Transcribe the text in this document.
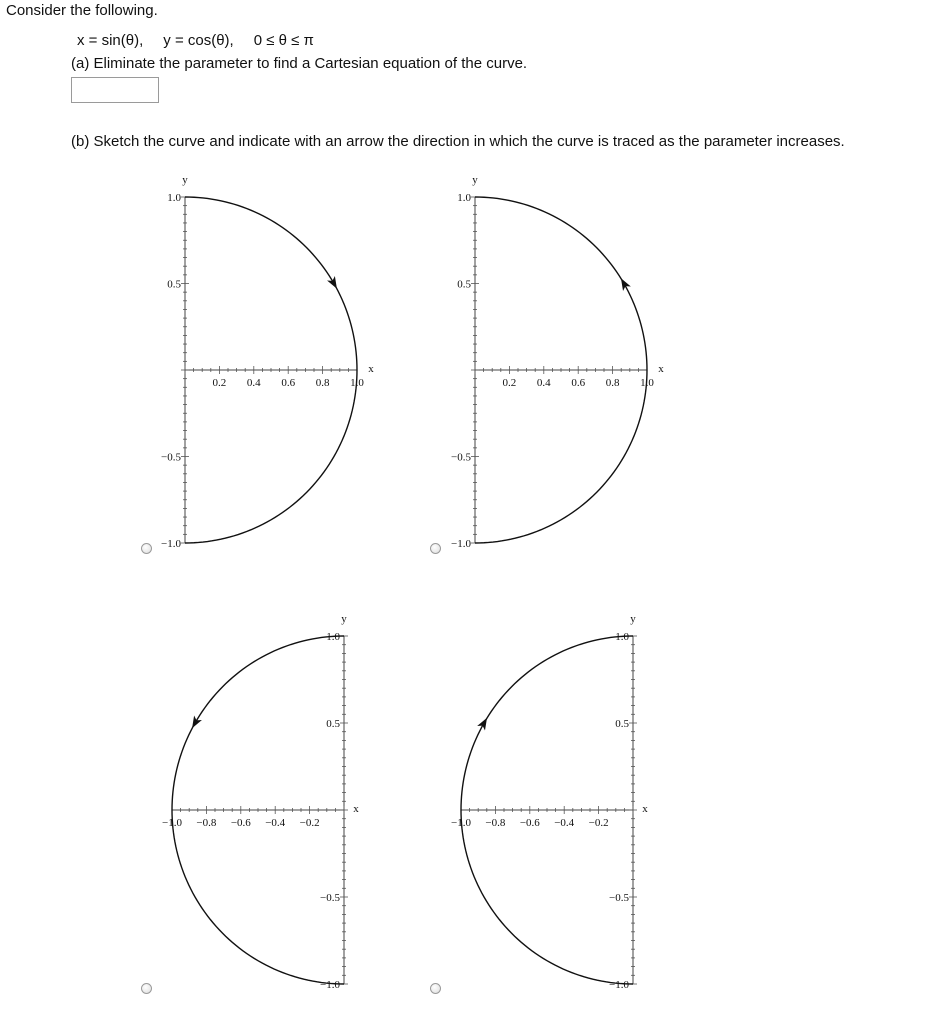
Consider the following.
x = sin(θ), y = cos(θ), 0 ≤ θ ≤ π
(a) Eliminate the parameter to find a Cartesian equation of the curve.
(b) Sketch the curve and indicate with an arrow the direction in which the curve is traced as the parameter increases.
0.2 0.4 0.6 0.8 1.0
1.0
0.5
−0.5
−1.0
x
y
0.2 0.4 0.6 0.8 1.0
1.0
0.5
−0.5
−1.0
x
y
−1.0 −0.8 −0.6 −0.4 −0.2
1.0
0.5
−0.5
−1.0
x
y
−1.0 −0.8 −0.6 −0.4 −0.2
1.0
0.5
−0.5
−1.0
x
y
